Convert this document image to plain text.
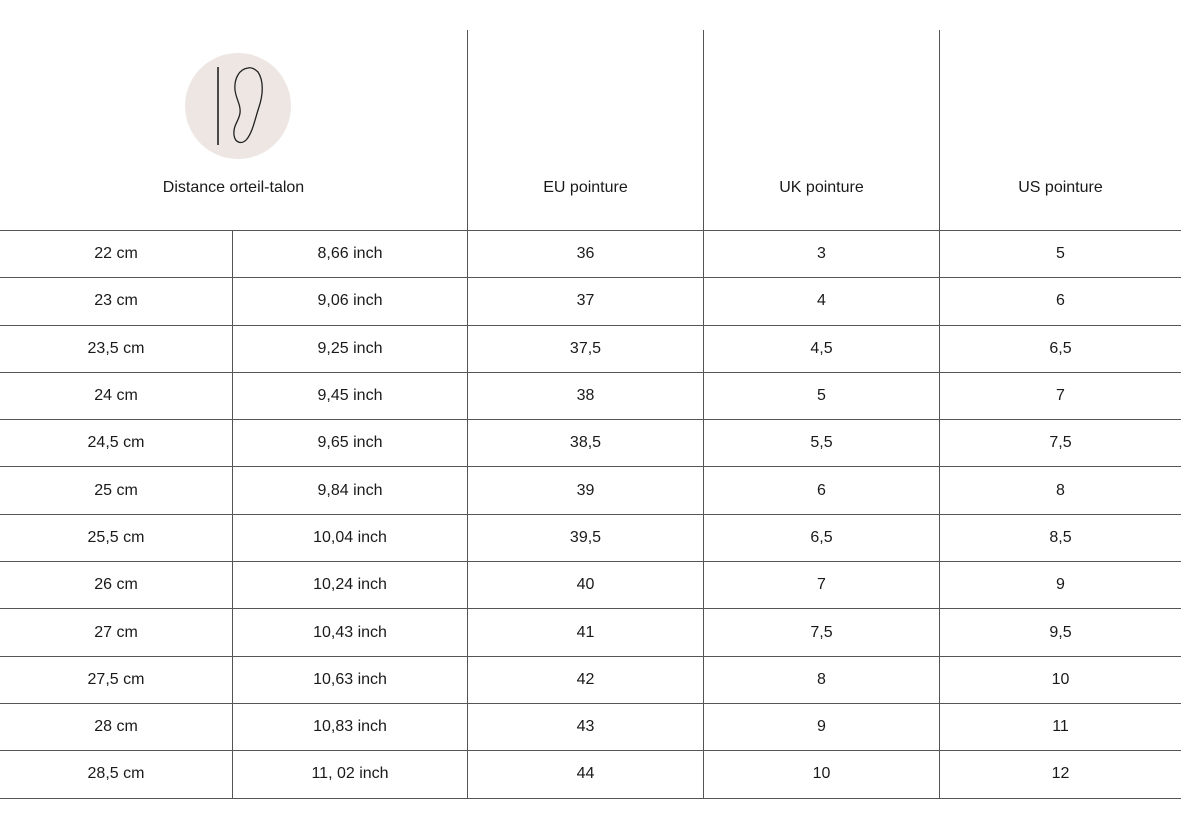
Distance orteil-talon	EU pointure	UK pointure	US pointure
22 cm	8,66 inch	36	3	5
23 cm	9,06 inch	37	4	6
23,5 cm	9,25 inch	37,5	4,5	6,5
24 cm	9,45 inch	38	5	7
24,5 cm	9,65 inch	38,5	5,5	7,5
25 cm	9,84 inch	39	6	8
25,5 cm	10,04 inch	39,5	6,5	8,5
26 cm	10,24 inch	40	7	9
27 cm	10,43 inch	41	7,5	9,5
27,5 cm	10,63 inch	42	8	10
28 cm	10,83 inch	43	9	11
28,5 cm	11, 02 inch	44	10	12
